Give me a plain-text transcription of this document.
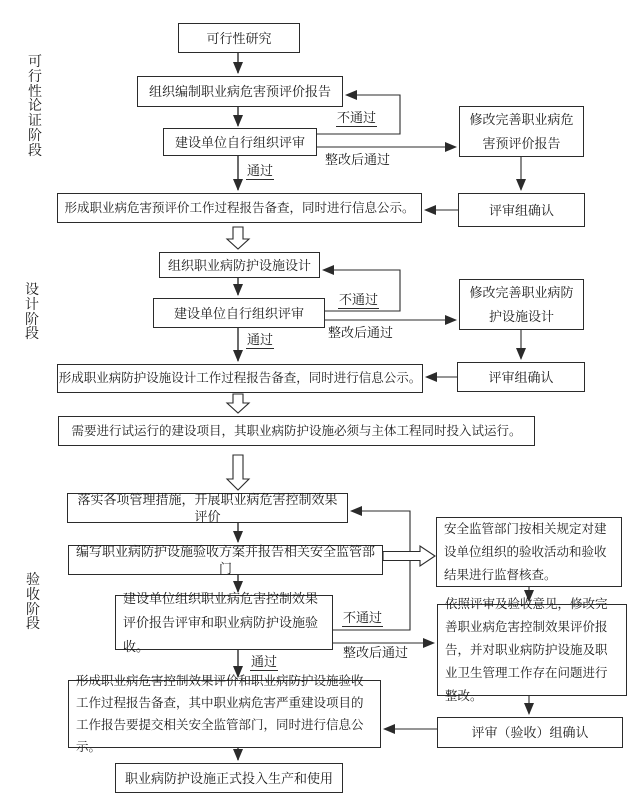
可行性论证阶段
设计阶段
验收阶段
可行性研究
组织编制职业病危害预评价报告
建设单位自行组织评审
形成职业病危害预评价工作过程报告备查，同时进行信息公示。
修改完善职业病危害预评价报告
评审组确认
组织职业病防护设施设计
建设单位自行组织评审
形成职业病防护设施设计工作过程报告备查，同时进行信息公示。
修改完善职业病防护设施设计
评审组确认
需要进行试运行的建设项目，其职业病防护设施必须与主体工程同时投入试运行。
落实各项管理措施，开展职业病危害控制效果评价
编写职业病防护设施验收方案并报告相关安全监管部门
建设单位组织职业病危害控制效果评价报告评审和职业病防护设施验收。
安全监管部门按相关规定对建设单位组织的验收活动和验收结果进行监督核查。
依照评审及验收意见，修改完善职业病危害控制效果评价报告，并对职业病防护设施及职业卫生管理工作存在问题进行整改。
评审（验收）组确认
形成职业病危害控制效果评价和职业病防护设施验收工作过程报告备查，其中职业病危害严重建设项目的工作报告要提交相关安全监管部门，同时进行信息公示。
职业病防护设施正式投入生产和使用
不通过
整改后通过
通过
不通过
整改后通过
通过
不通过
整改后通过
通过
